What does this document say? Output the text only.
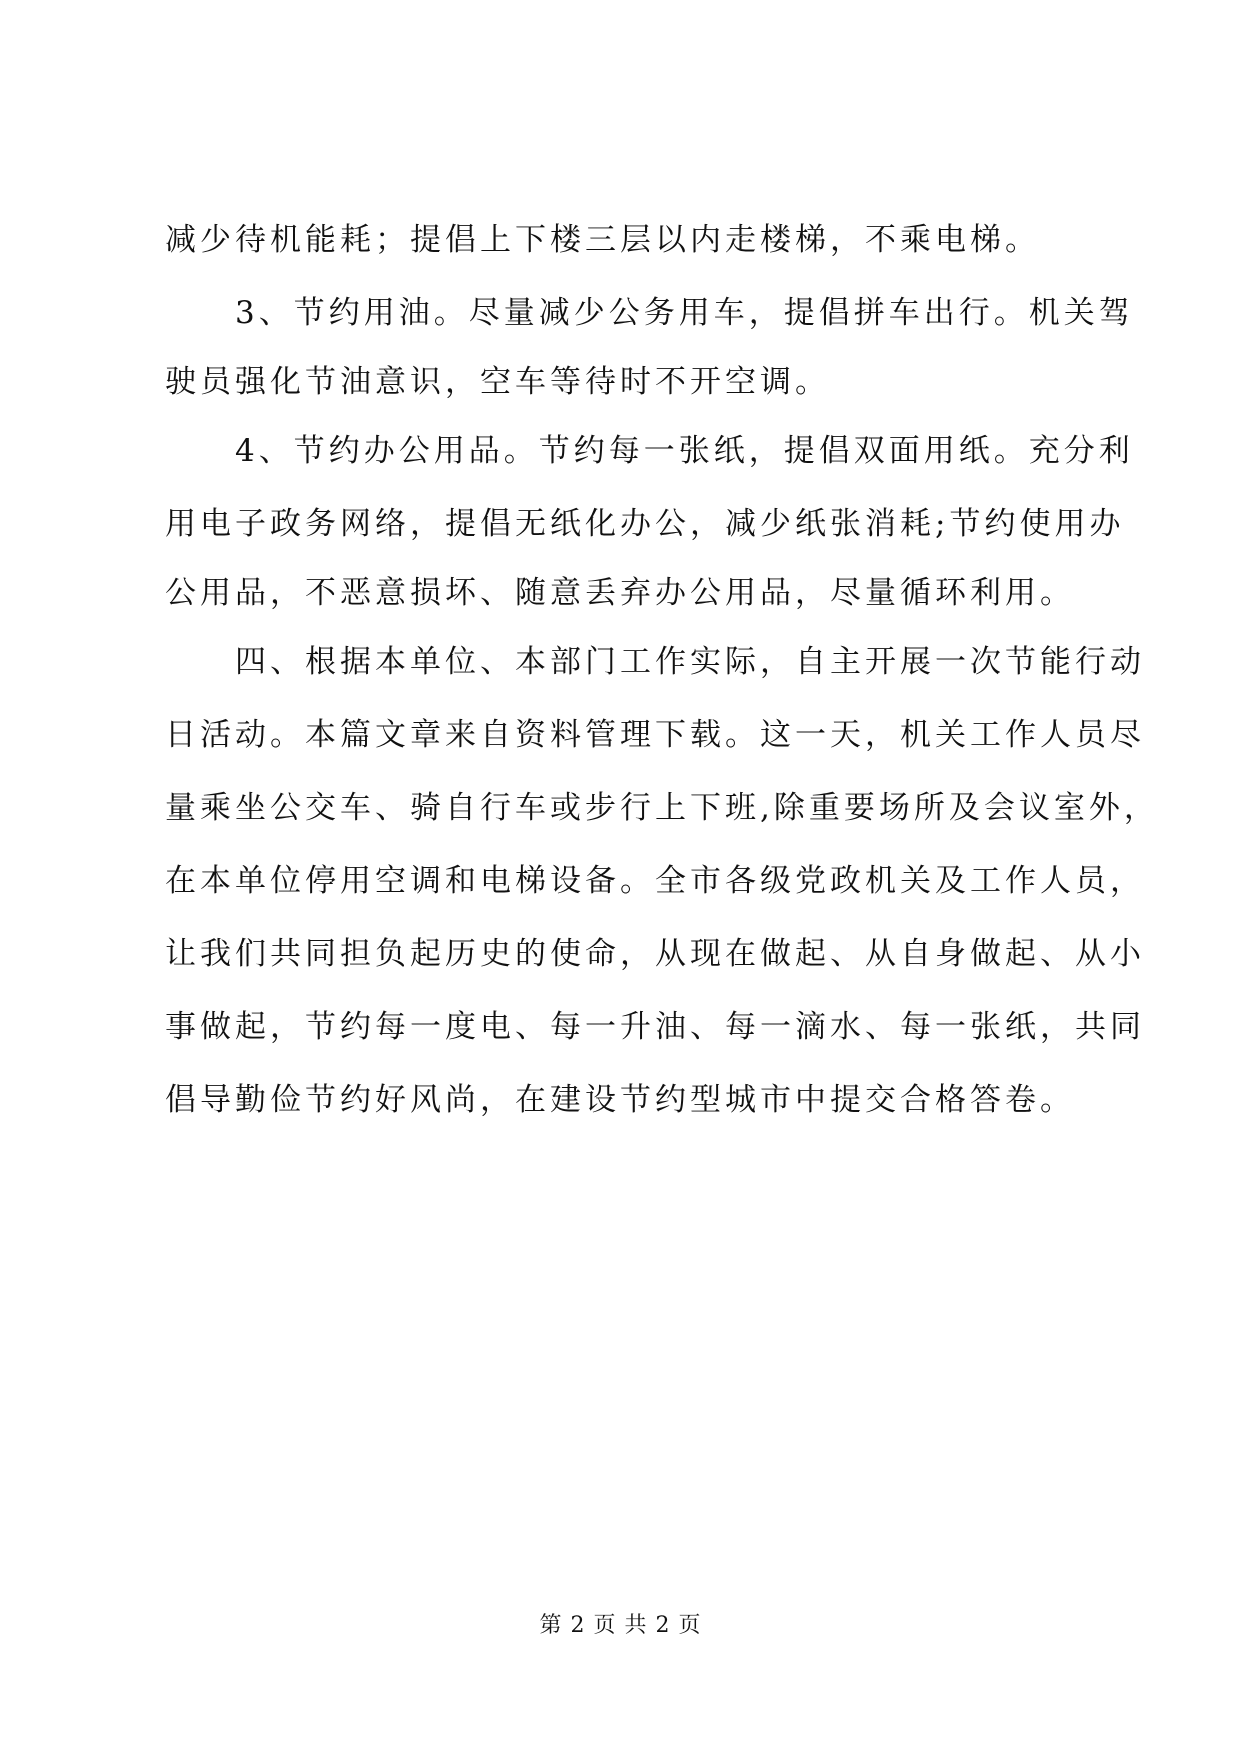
减少待机能耗；提倡上下楼三层以内走楼梯，不乘电梯。
　　3、节约用油。尽量减少公务用车，提倡拼车出行。机关驾
驶员强化节油意识，空车等待时不开空调。
　　4、节约办公用品。节约每一张纸，提倡双面用纸。充分利
用电子政务网络，提倡无纸化办公，减少纸张消耗;节约使用办
公用品，不恶意损坏、随意丢弃办公用品，尽量循环利用。
　　四、根据本单位、本部门工作实际，自主开展一次节能行动
日活动。本篇文章来自资料管理下载。这一天，机关工作人员尽
量乘坐公交车、骑自行车或步行上下班,除重要场所及会议室外，
在本单位停用空调和电梯设备。全市各级党政机关及工作人员，
让我们共同担负起历史的使命，从现在做起、从自身做起、从小
事做起，节约每一度电、每一升油、每一滴水、每一张纸，共同
倡导勤俭节约好风尚，在建设节约型城市中提交合格答卷。
第 2 页 共 2 页
